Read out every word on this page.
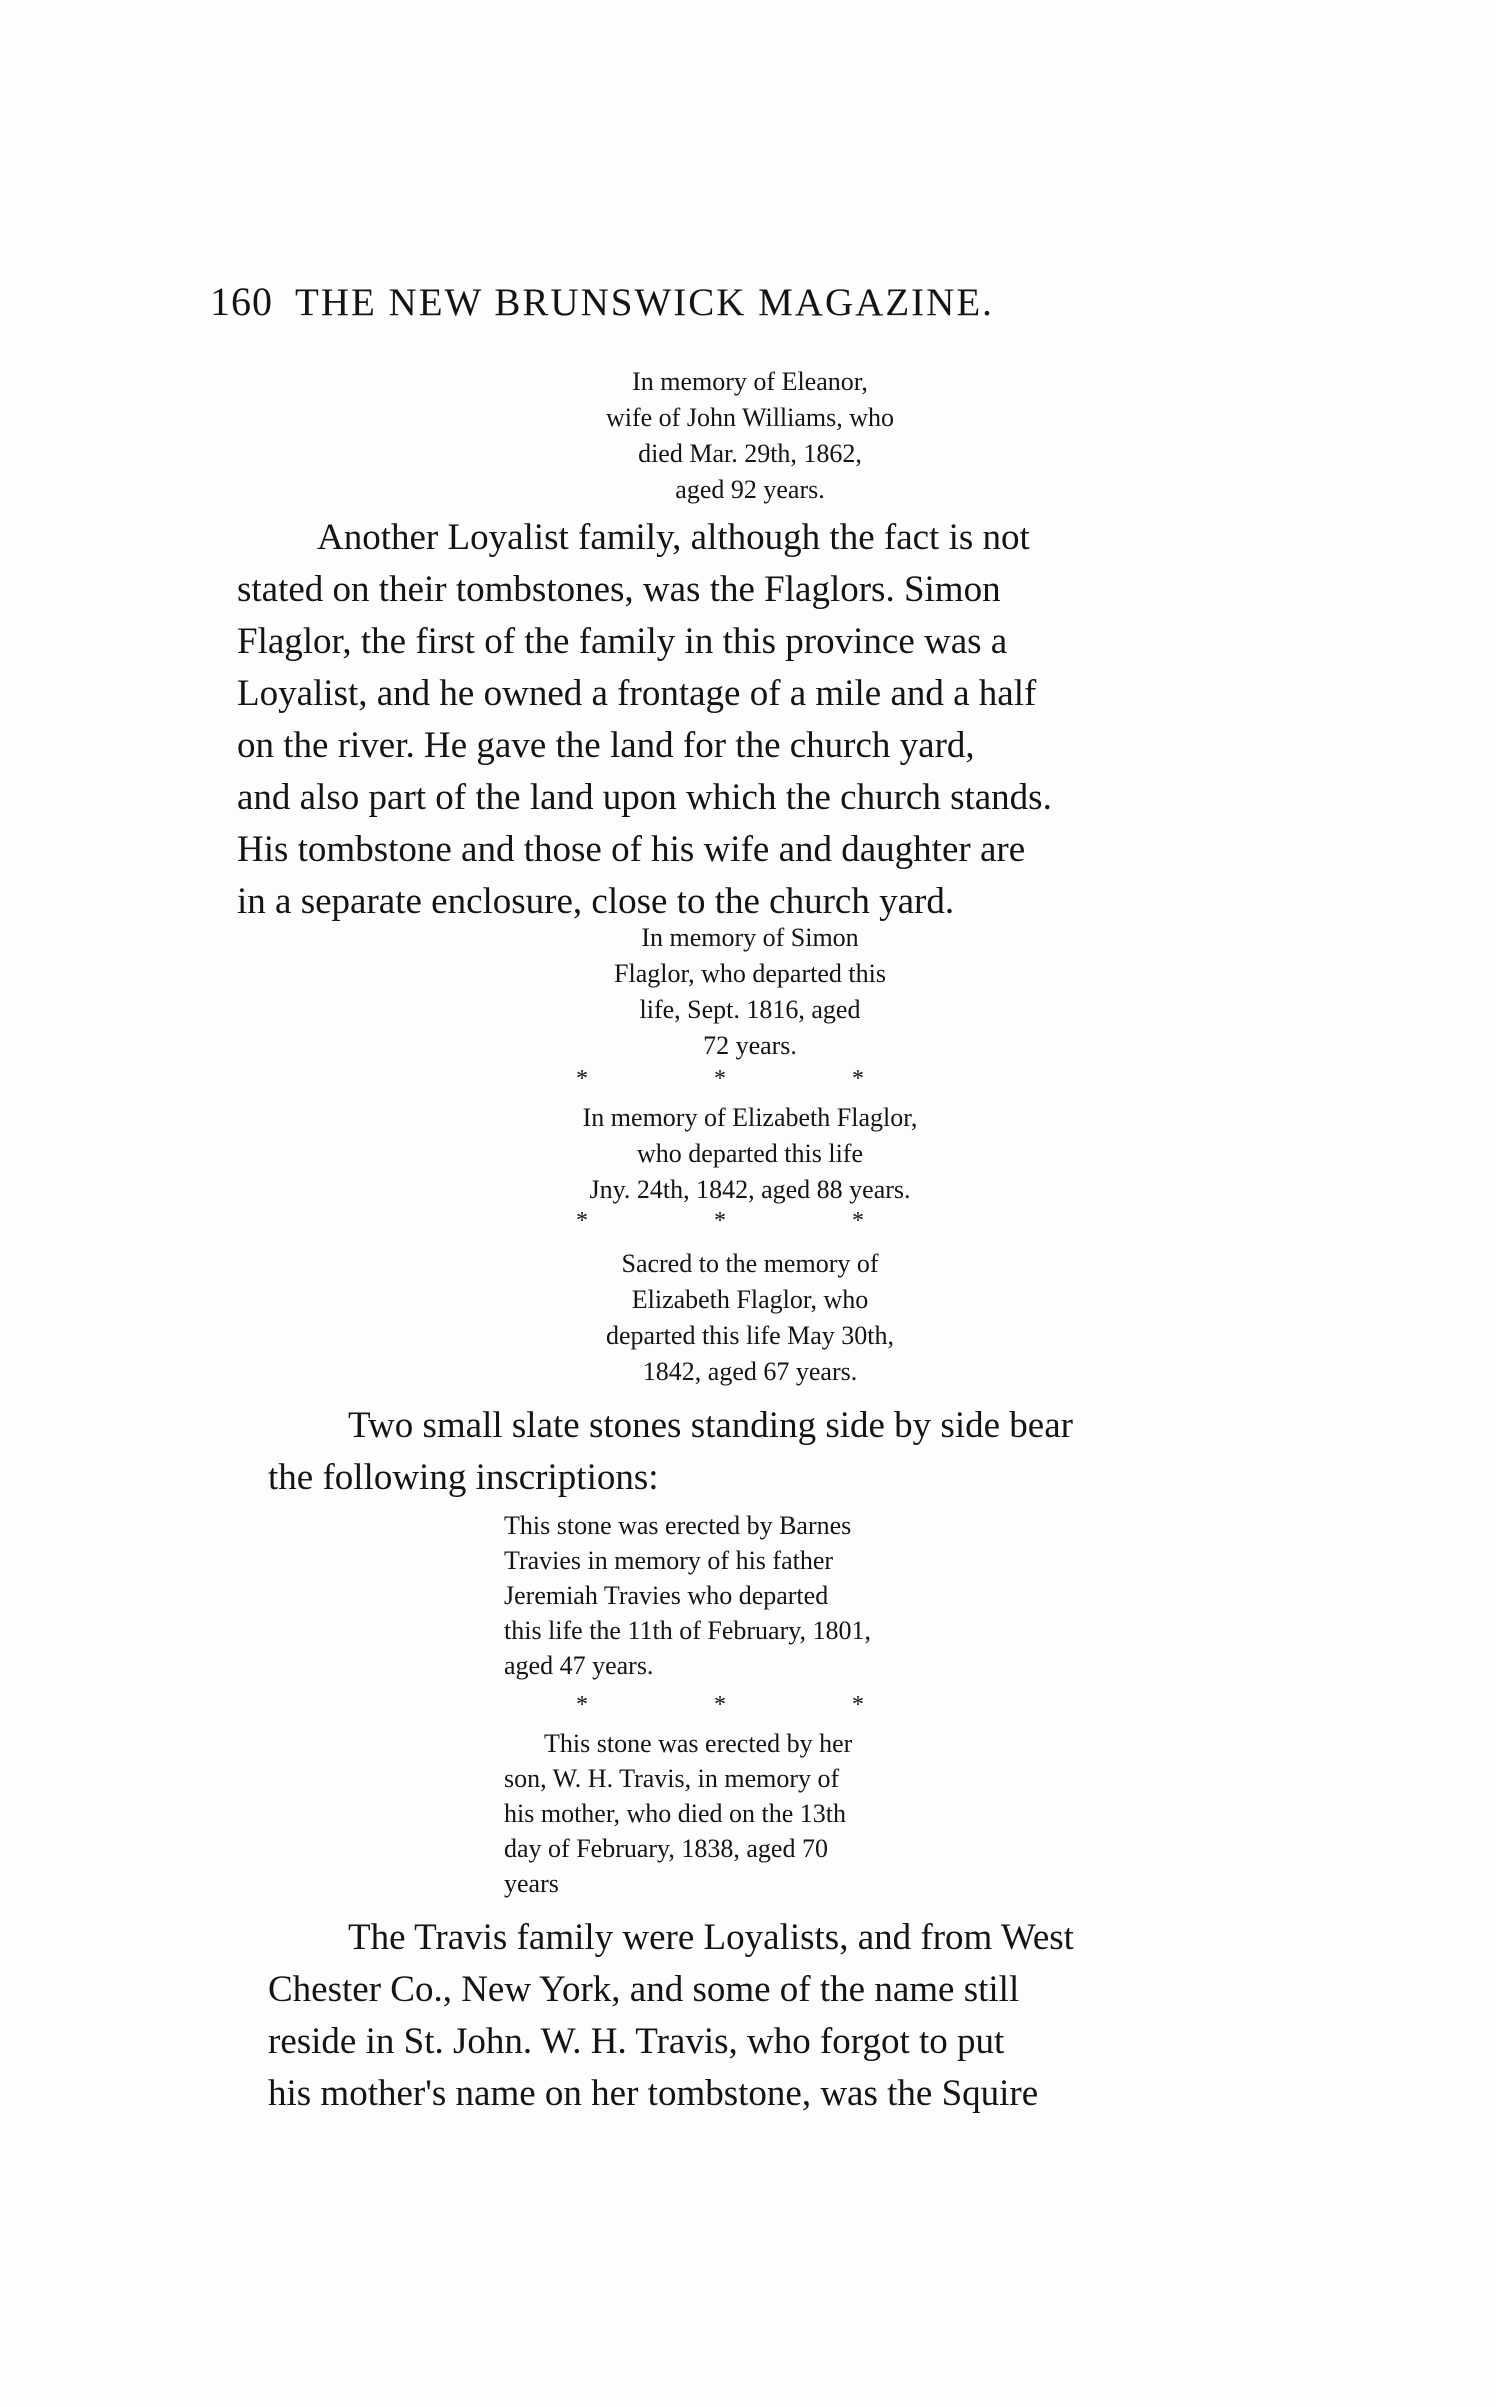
160 THE NEW BRUNSWICK MAGAZINE.
In memory of Eleanor,
wife of John Williams, who
died Mar. 29th, 1862,
aged 92 years.
Another Loyalist family, although the fact is not
stated on their tombstones, was the Flaglors. Simon
Flaglor, the first of the family in this province was a
Loyalist, and he owned a frontage of a mile and a half
on the river. He gave the land for the church yard,
and also part of the land upon which the church stands.
His tombstone and those of his wife and daughter are
in a separate enclosure, close to the church yard.
In memory of Simon
Flaglor, who departed this
life, Sept. 1816, aged
72 years.
* * *
In memory of Elizabeth Flaglor,
who departed this life
Jny. 24th, 1842, aged 88 years.
* * *
Sacred to the memory of
Elizabeth Flaglor, who
departed this life May 30th,
1842, aged 67 years.
Two small slate stones standing side by side bear
the following inscriptions:
This stone was erected by Barnes
Travies in memory of his father
Jeremiah Travies who departed
this life the 11th of February, 1801,
aged 47 years.
* * *
This stone was erected by her
son, W. H. Travis, in memory of
his mother, who died on the 13th
day of February, 1838, aged 70
years
The Travis family were Loyalists, and from West
Chester Co., New York, and some of the name still
reside in St. John. W. H. Travis, who forgot to put
his mother's name on her tombstone, was the Squire
